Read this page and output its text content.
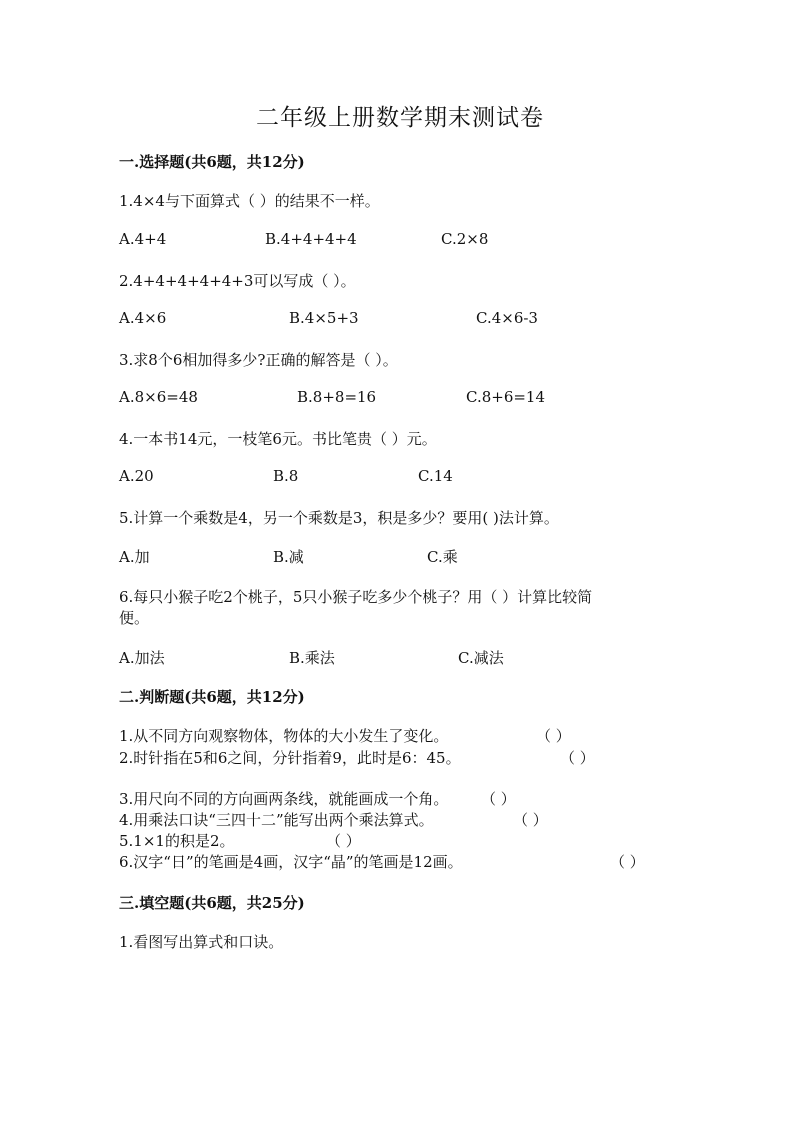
二年级上册数学期末测试卷
一.选择题(共6题，共12分)
1.4×4与下面算式（ ）的结果不一样。
A.4+4	B.4+4+4+4	C.2×8
2.4+4+4+4+4+3可以写成（ ）。
A.4×6	B.4×5+3	C.4×6-3
3.求8个6相加得多少?正确的解答是（ ）。
A.8×6=48	B.8+8=16	C.8+6=14
4.一本书14元，一枝笔6元。书比笔贵（ ）元。
A.20	B.8	C.14
5.计算一个乘数是4，另一个乘数是3，积是多少？要用( )法计算。
A.加	B.减	C.乘
6.每只小猴子吃2个桃子，5只小猴子吃多少个桃子？用（ ）计算比较简
便。
A.加法	B.乘法	C.减法
二.判断题(共6题，共12分)
1.从不同方向观察物体，物体的大小发生了变化。	（ ）
2.时针指在5和6之间，分针指着9，此时是6：45。	（ ）
3.用尺向不同的方向画两条线，就能画成一个角。 （ ）
4.用乘法口诀“三四十二”能写出两个乘法算式。	（ ）
5.1×1的积是2。	（ ）
6.汉字“日”的笔画是4画，汉字“晶”的笔画是12画。	（ ）
三.填空题(共6题，共25分)
1.看图写出算式和口诀。
